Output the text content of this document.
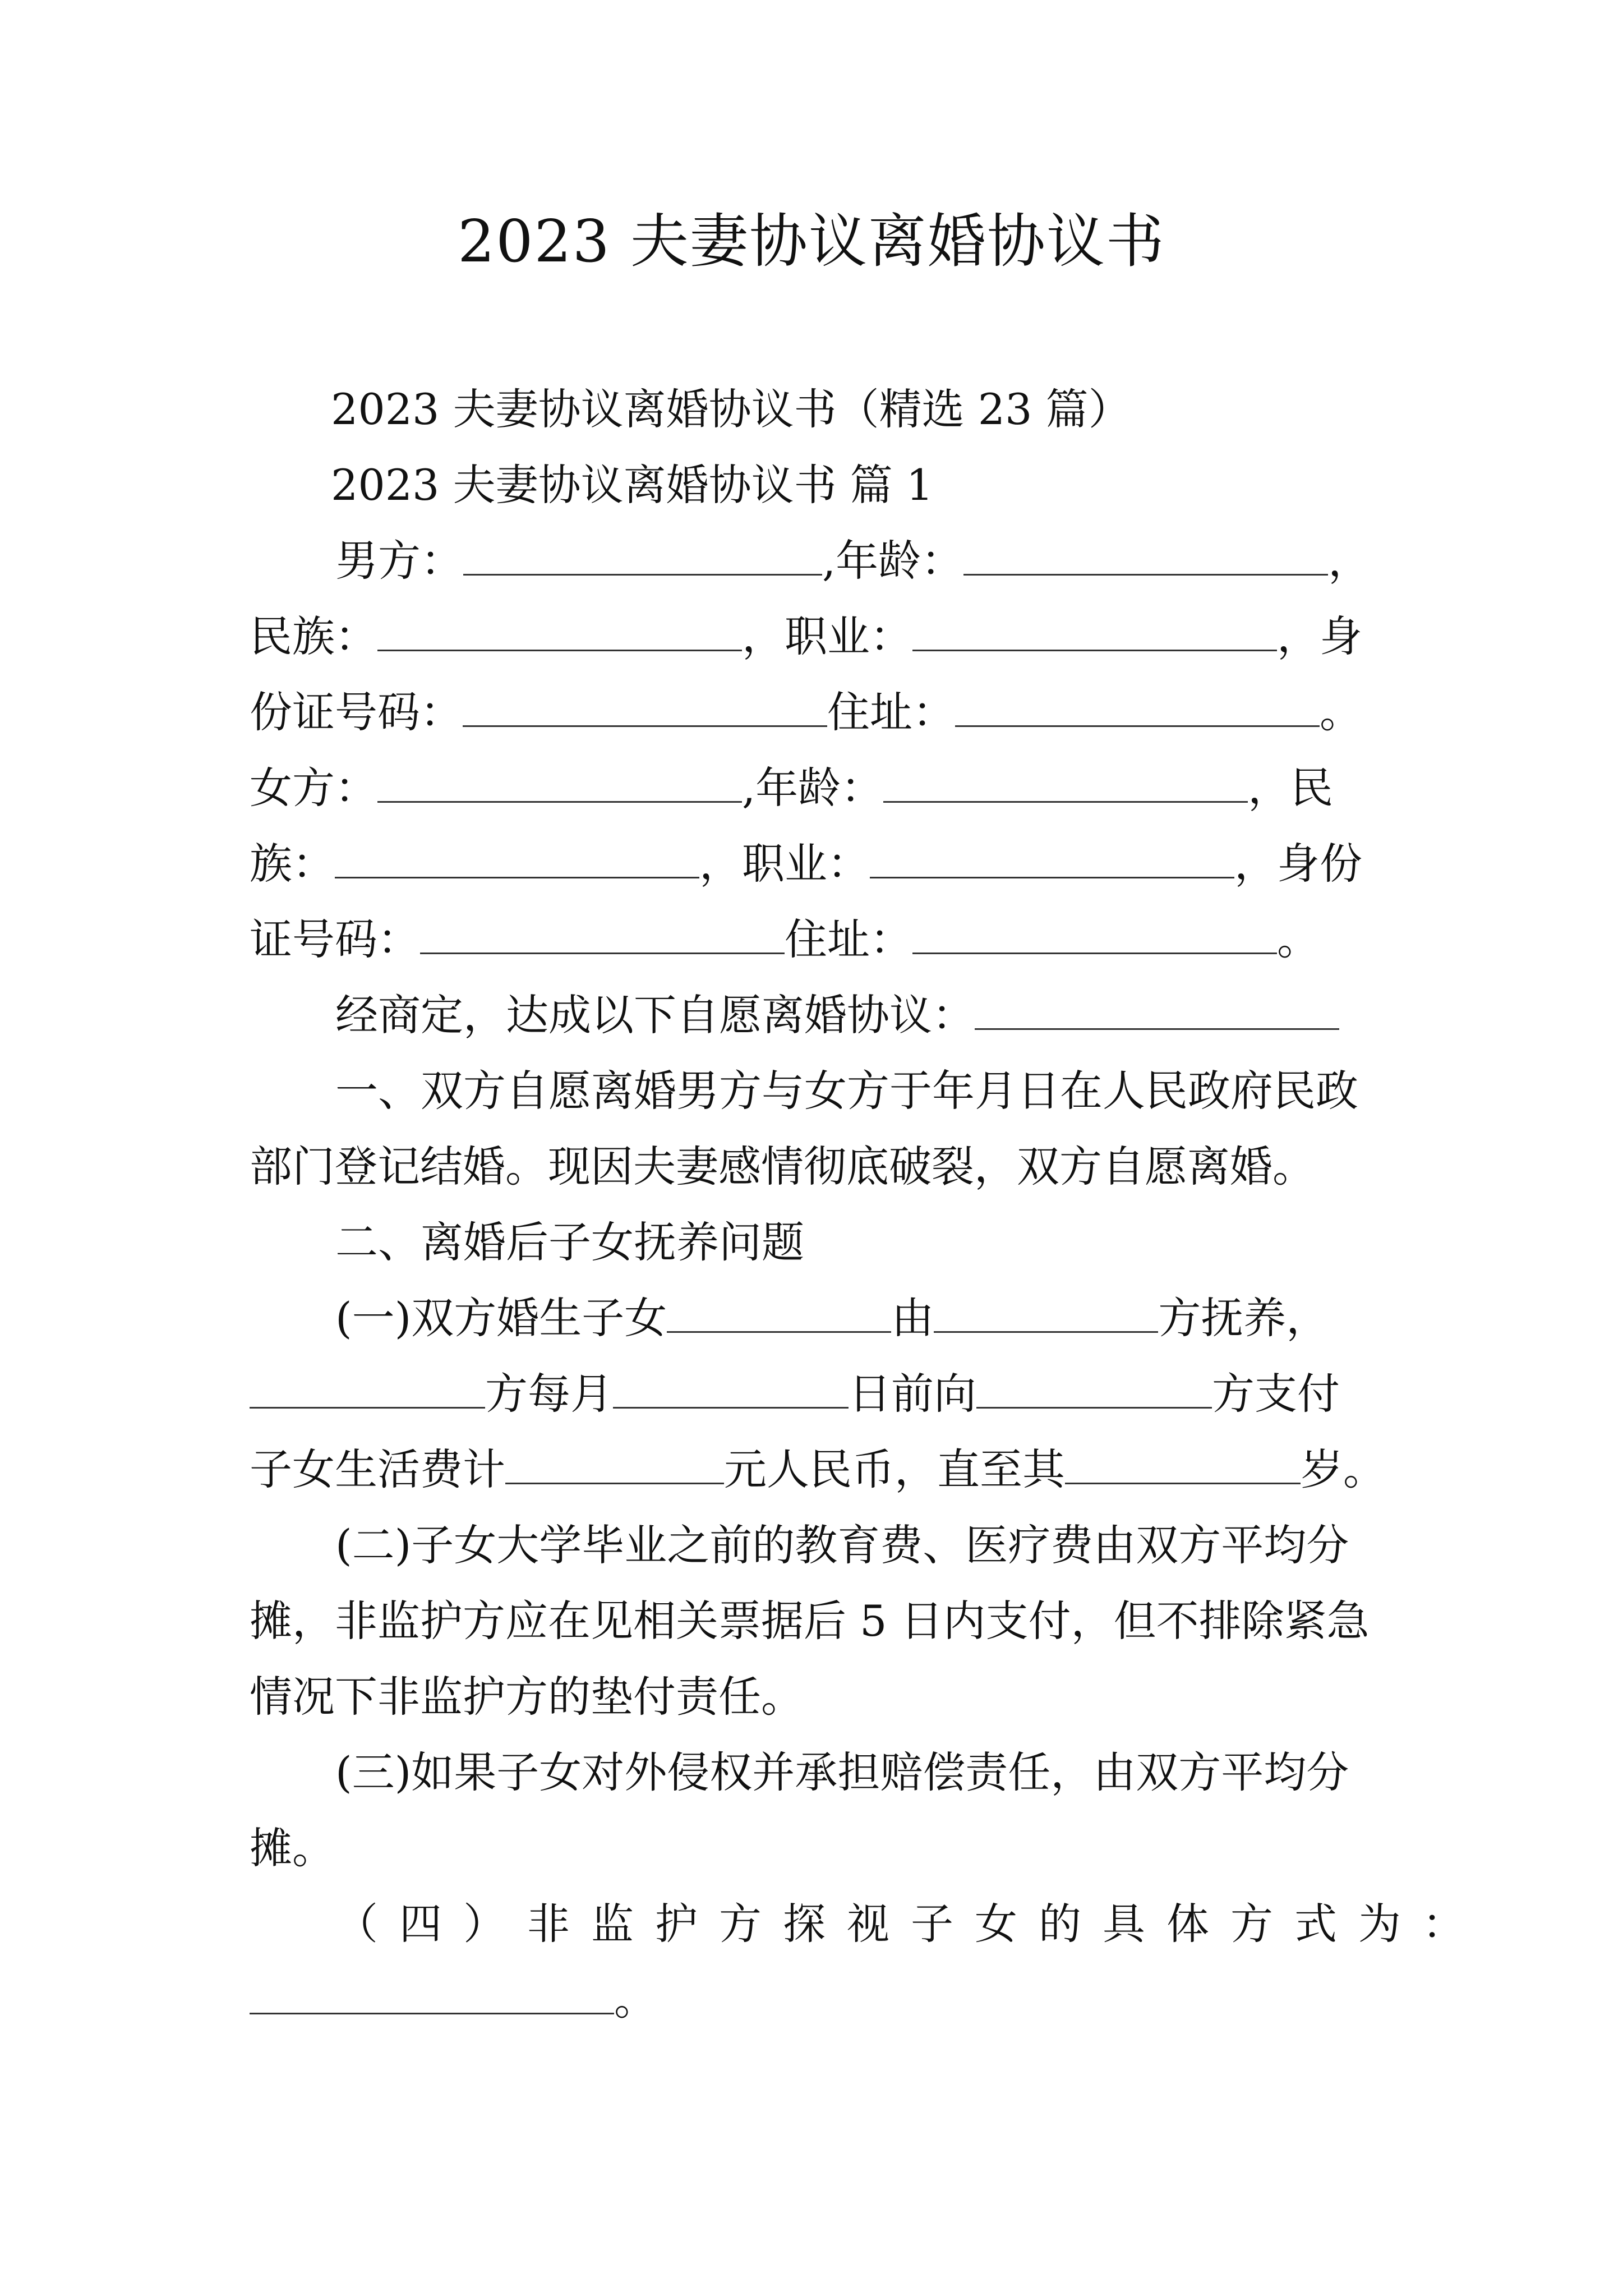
2023 夫妻协议离婚协议书
2023 夫妻协议离婚协议书（精选 23 篇）
2023 夫妻协议离婚协议书 篇 1
男方：	,年龄：	，
民族：	，职业：	，身
份证号码：	住址：	。
女方：	,年龄：	，民
族：	，职业：	，身份
证号码：	住址：	。
经商定，达成以下自愿离婚协议：
一、双方自愿离婚男方与女方于年月日在人民政府民政
部门登记结婚。现因夫妻感情彻底破裂，双方自愿离婚。
二、离婚后子女抚养问题
(一)双方婚生子女	由	方抚养，
方每月	日前向	方支付
子女生活费计	元人民币，直至其	岁。
(二)子女大学毕业之前的教育费、医疗费由双方平均分
摊，非监护方应在见相关票据后 5 日内支付，但不排除紧急
情况下非监护方的垫付责任。
(三)如果子女对外侵权并承担赔偿责任，由双方平均分
摊。
（四）非监护方探视子女的具体方式为：
。
